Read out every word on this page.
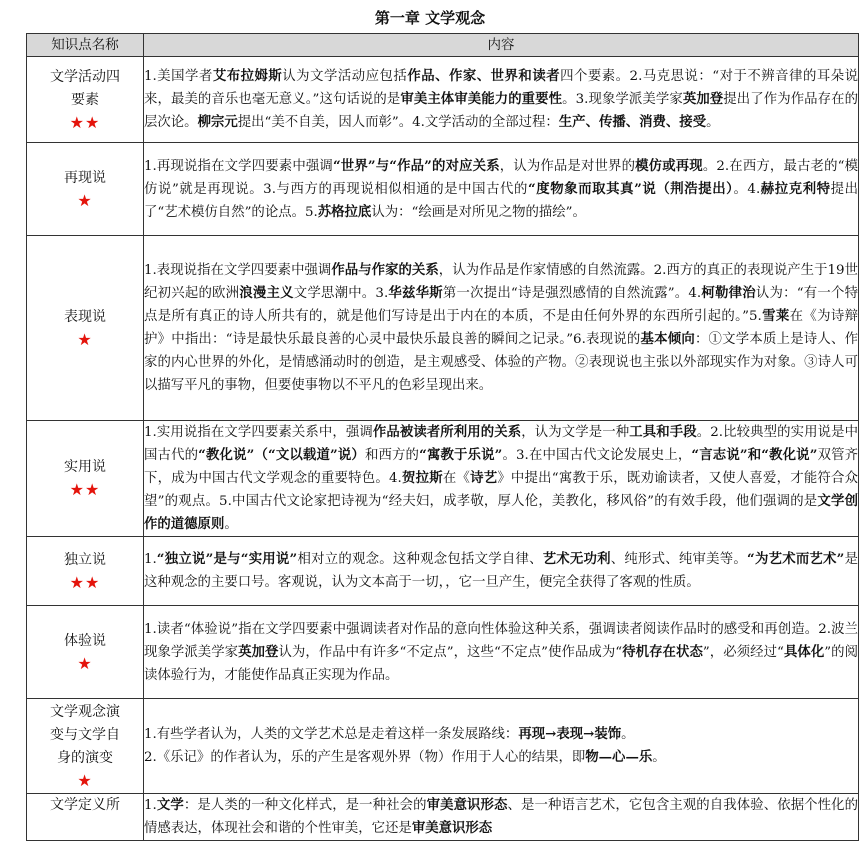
第一章 文学观念
知识点名称	内容

文学活动四
要素
★★	1.美国学者艾布拉姆斯认为文学活动应包括作品、作家、世界和读者四个要素。2.马克思说：“对于不辨音律的耳朵说来，最美的音乐也毫无意义。”这句话说的是审美主体审美能力的重要性。3.现象学派美学家英加登提出了作为作品存在的层次论。柳宗元提出“美不自美，因人而彰”。4.文学活动的全部过程：生产、传播、消费、接受。

再现说
★	1.再现说指在文学四要素中强调“世界”与“作品”的对应关系，认为作品是对世界的模仿或再现。2.在西方，最古老的“模仿说”就是再现说。3.与西方的再现说相似相通的是中国古代的“度物象而取其真”说（荆浩提出）。4.赫拉克利特提出了“艺术模仿自然”的论点。5.苏格拉底认为：“绘画是对所见之物的描绘”。

表现说
★	1.表现说指在文学四要素中强调作品与作家的关系，认为作品是作家情感的自然流露。2.西方的真正的表现说产生于19世纪初兴起的欧洲浪漫主义文学思潮中。3.华兹华斯第一次提出“诗是强烈感情的自然流露”。4.柯勒律治认为：“有一个特点是所有真正的诗人所共有的，就是他们写诗是出于内在的本质，不是由任何外界的东西所引起的。”5.雪莱在《为诗辩护》中指出：“诗是最快乐最良善的心灵中最快乐最良善的瞬间之记录。”6.表现说的基本倾向：①文学本质上是诗人、作家的内心世界的外化，是情感涌动时的创造，是主观感受、体验的产物。②表现说也主张以外部现实作为对象。③诗人可以描写平凡的事物，但要使事物以不平凡的色彩呈现出来。

实用说
★★	1.实用说指在文学四要素关系中，强调作品被读者所利用的关系，认为文学是一种工具和手段。2.比较典型的实用说是中国古代的“教化说”（“文以载道”说）和西方的“寓教于乐说”。3.在中国古代文论发展史上，“言志说”和“教化说”双管齐下，成为中国古代文学观念的重要特色。4.贺拉斯在《诗艺》中提出“寓教于乐，既劝谕读者，又使人喜爱，才能符合众望”的观点。5.中国古代文论家把诗视为“经夫妇，成孝敬，厚人伦，美教化，移风俗”的有效手段，他们强调的是文学创作的道德原则。

独立说
★★	1.“独立说”是与“实用说”相对立的观念。这种观念包括文学自律、艺术无功利、纯形式、纯审美等。“为艺术而艺术”是这种观念的主要口号。客观说，认为文本高于一切，，它一旦产生，便完全获得了客观的性质。

体验说
★	1.读者“体验说”指在文学四要素中强调读者对作品的意向性体验这种关系，强调读者阅读作品时的感受和再创造。2.波兰现象学派美学家英加登认为，作品中有许多“不定点”，这些“不定点”使作品成为“待机存在状态”，必须经过“具体化”的阅读体验行为，才能使作品真正实现为作品。

文学观念演
变与文学自
身的演变
★	1.有些学者认为，人类的文学艺术总是走着这样一条发展路线：再现→表现→装饰。
2.《乐记》的作者认为，乐的产生是客观外界（物）作用于人心的结果，即物—心—乐。

文学定义所	1.文学：是人类的一种文化样式，是一种社会的审美意识形态、是一种语言艺术，它包含主观的自我体验、依据个性化的情感表达，体现社会和谐的个性审美，它还是审美意识形态
